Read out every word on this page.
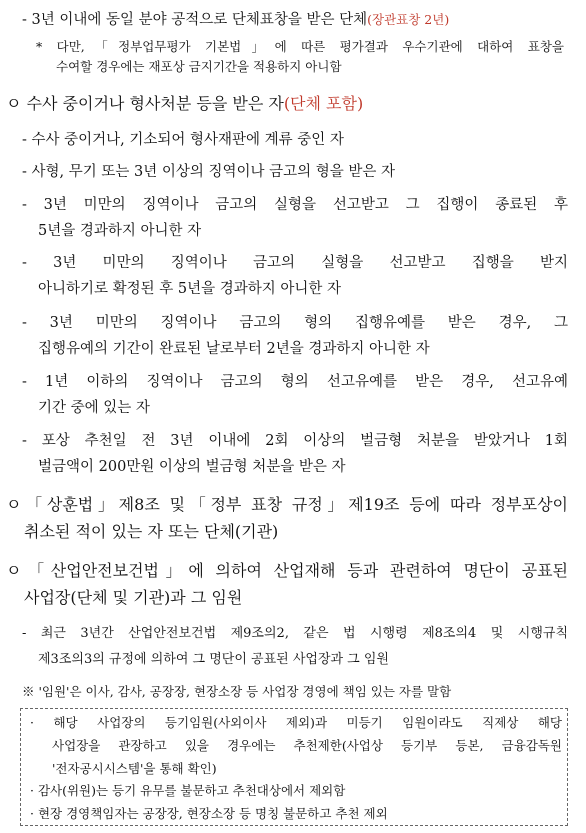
- 3년 이내에 동일 분야 공적으로 단체표창을 받은 단체(장관표창 2년)
* 다만,「정부업무평가 기본법」에 따른 평가결과 우수기관에 대하여 표창을
수여할 경우에는 재포상 금지기간을 적용하지 아니함
ㅇ 수사 중이거나 형사처분 등을 받은 자(단체 포함)
- 수사 중이거나, 기소되어 형사재판에 계류 중인 자
- 사형, 무기 또는 3년 이상의 징역이나 금고의 형을 받은 자
- 3년 미만의 징역이나 금고의 실형을 선고받고 그 집행이 종료된 후
5년을 경과하지 아니한 자
- 3년 미만의 징역이나 금고의 실형을 선고받고 집행을 받지
아니하기로 확정된 후 5년을 경과하지 아니한 자
- 3년 미만의 징역이나 금고의 형의 집행유예를 받은 경우, 그
집행유예의 기간이 완료된 날로부터 2년을 경과하지 아니한 자
- 1년 이하의 징역이나 금고의 형의 선고유예를 받은 경우, 선고유예
기간 중에 있는 자
- 포상 추천일 전 3년 이내에 2회 이상의 벌금형 처분을 받았거나 1회
벌금액이 200만원 이상의 벌금형 처분을 받은 자
ㅇ「상훈법」제8조 및「정부 표창 규정」제19조 등에 따라 정부포상이
취소된 적이 있는 자 또는 단체(기관)
ㅇ「산업안전보건법」에 의하여 산업재해 등과 관련하여 명단이 공표된
사업장(단체 및 기관)과 그 임원
- 최근 3년간 산업안전보건법 제9조의2, 같은 법 시행령 제8조의4 및 시행규칙
제3조의3의 규정에 의하여 그 명단이 공표된 사업장과 그 임원
※ '임원'은 이사, 감사, 공장장, 현장소장 등 사업장 경영에 책임 있는 자를 말함
· 해당 사업장의 등기임원(사외이사 제외)과 미등기 임원이라도 직제상 해당
사업장을 관장하고 있을 경우에는 추천제한(사업상 등기부 등본, 금융감독원
'전자공시시스템'을 통해 확인)
· 감사(위원)는 등기 유무를 불문하고 추천대상에서 제외함
· 현장 경영책임자는 공장장, 현장소장 등 명칭 불문하고 추천 제외
